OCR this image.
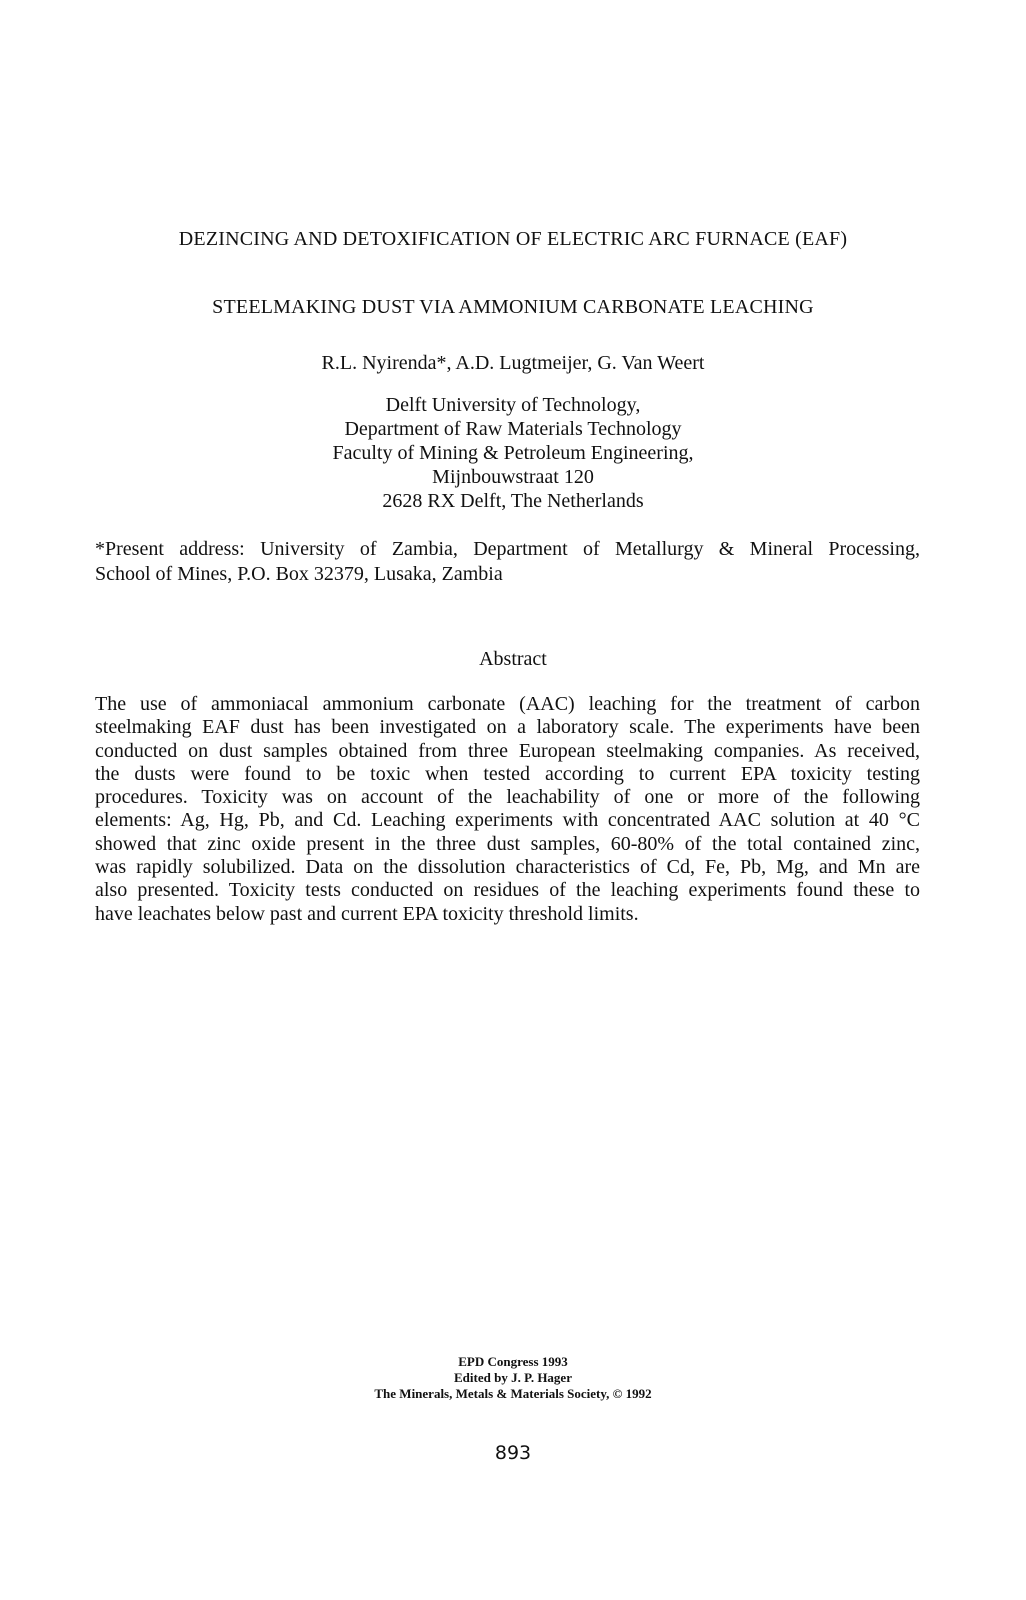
DEZINCING AND DETOXIFICATION OF ELECTRIC ARC FURNACE (EAF)
STEELMAKING DUST VIA AMMONIUM CARBONATE LEACHING
R.L. Nyirenda*, A.D. Lugtmeijer, G. Van Weert
Delft University of Technology,
Department of Raw Materials Technology
Faculty of Mining & Petroleum Engineering,
Mijnbouwstraat 120
2628 RX Delft, The Netherlands
*Present address: University of Zambia, Department of Metallurgy & Mineral Processing,
School of Mines, P.O. Box 32379, Lusaka, Zambia
Abstract
The use of ammoniacal ammonium carbonate (AAC) leaching for the treatment of carbon
steelmaking EAF dust has been investigated on a laboratory scale. The experiments have been
conducted on dust samples obtained from three European steelmaking companies. As received,
the dusts were found to be toxic when tested according to current EPA toxicity testing
procedures. Toxicity was on account of the leachability of one or more of the following
elements: Ag, Hg, Pb, and Cd. Leaching experiments with concentrated AAC solution at 40 °C
showed that zinc oxide present in the three dust samples, 60-80% of the total contained zinc,
was rapidly solubilized. Data on the dissolution characteristics of Cd, Fe, Pb, Mg, and Mn are
also presented. Toxicity tests conducted on residues of the leaching experiments found these to
have leachates below past and current EPA toxicity threshold limits.
EPD Congress 1993
Edited by J. P. Hager
The Minerals, Metals & Materials Society, © 1992
893
